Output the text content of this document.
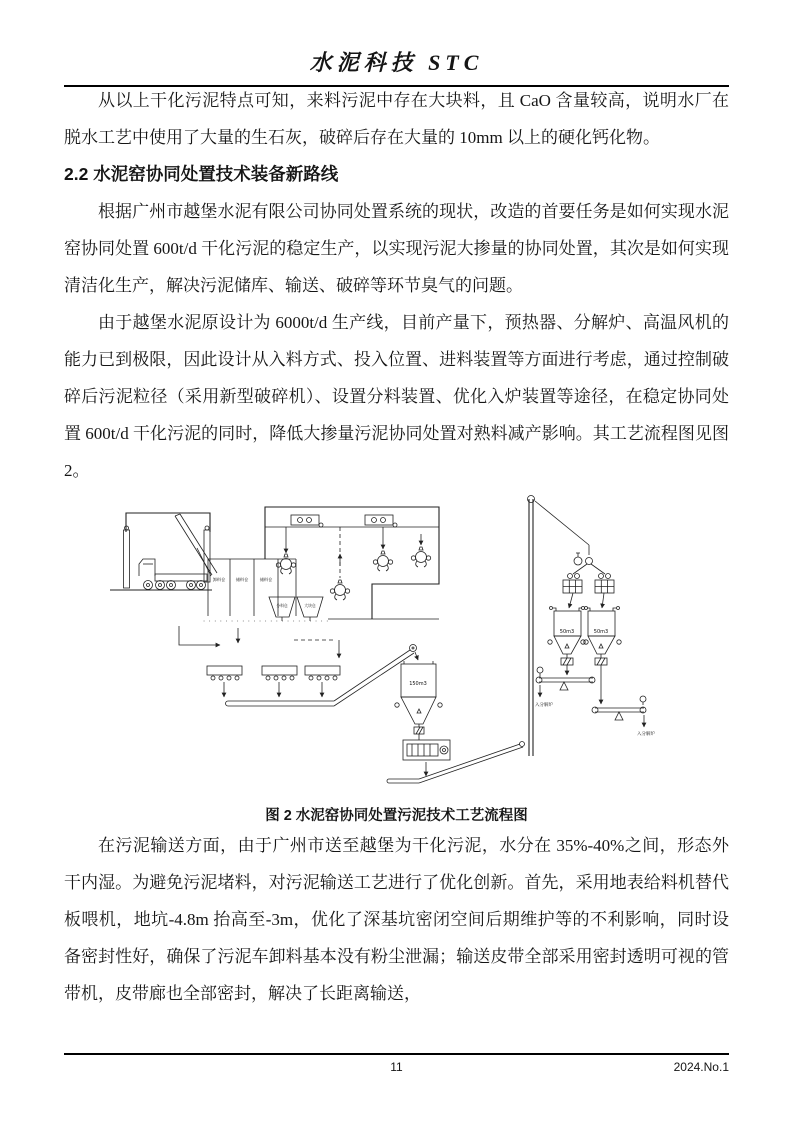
水泥科技 STC

从以上干化污泥特点可知，来料污泥中存在大块料，且 CaO 含量较高，说明水厂在脱水工艺中使用了大量的生石灰，破碎后存在大量的 10mm 以上的硬化钙化物。

2.2 水泥窑协同处置技术装备新路线

根据广州市越堡水泥有限公司协同处置系统的现状，改造的首要任务是如何实现水泥窑协同处置 600t/d 干化污泥的稳定生产，以实现污泥大掺量的协同处置，其次是如何实现清洁化生产，解决污泥储库、输送、破碎等环节臭气的问题。

由于越堡水泥原设计为 6000t/d 生产线，目前产量下，预热器、分解炉、高温风机的能力已到极限，因此设计从入料方式、投入位置、进料装置等方面进行考虑，通过控制破碎后污泥粒径（采用新型破碎机）、设置分料装置、优化入炉装置等途径，在稳定协同处置 600t/d 干化污泥的同时，降低大掺量污泥协同处置对熟料减产影响。其工艺流程图见图 2。

卸料仓 储料仓	储料仓
分料仓	大块仓
150m3
50m3
入分解炉
50m3
入分解炉
图 2 水泥窑协同处置污泥技术工艺流程图

在污泥输送方面，由于广州市送至越堡为干化污泥，水分在 35%-40%之间，形态外干内湿。为避免污泥堵料，对污泥输送工艺进行了优化创新。首先，采用地表给料机替代板喂机，地坑-4.8m 抬高至-3m，优化了深基坑密闭空间后期维护等的不利影响，同时设备密封性好，确保了污泥车卸料基本没有粉尘泄漏；输送皮带全部采用密封透明可视的管带机，皮带廊也全部密封，解决了长距离输送，

11	2024.No.1
